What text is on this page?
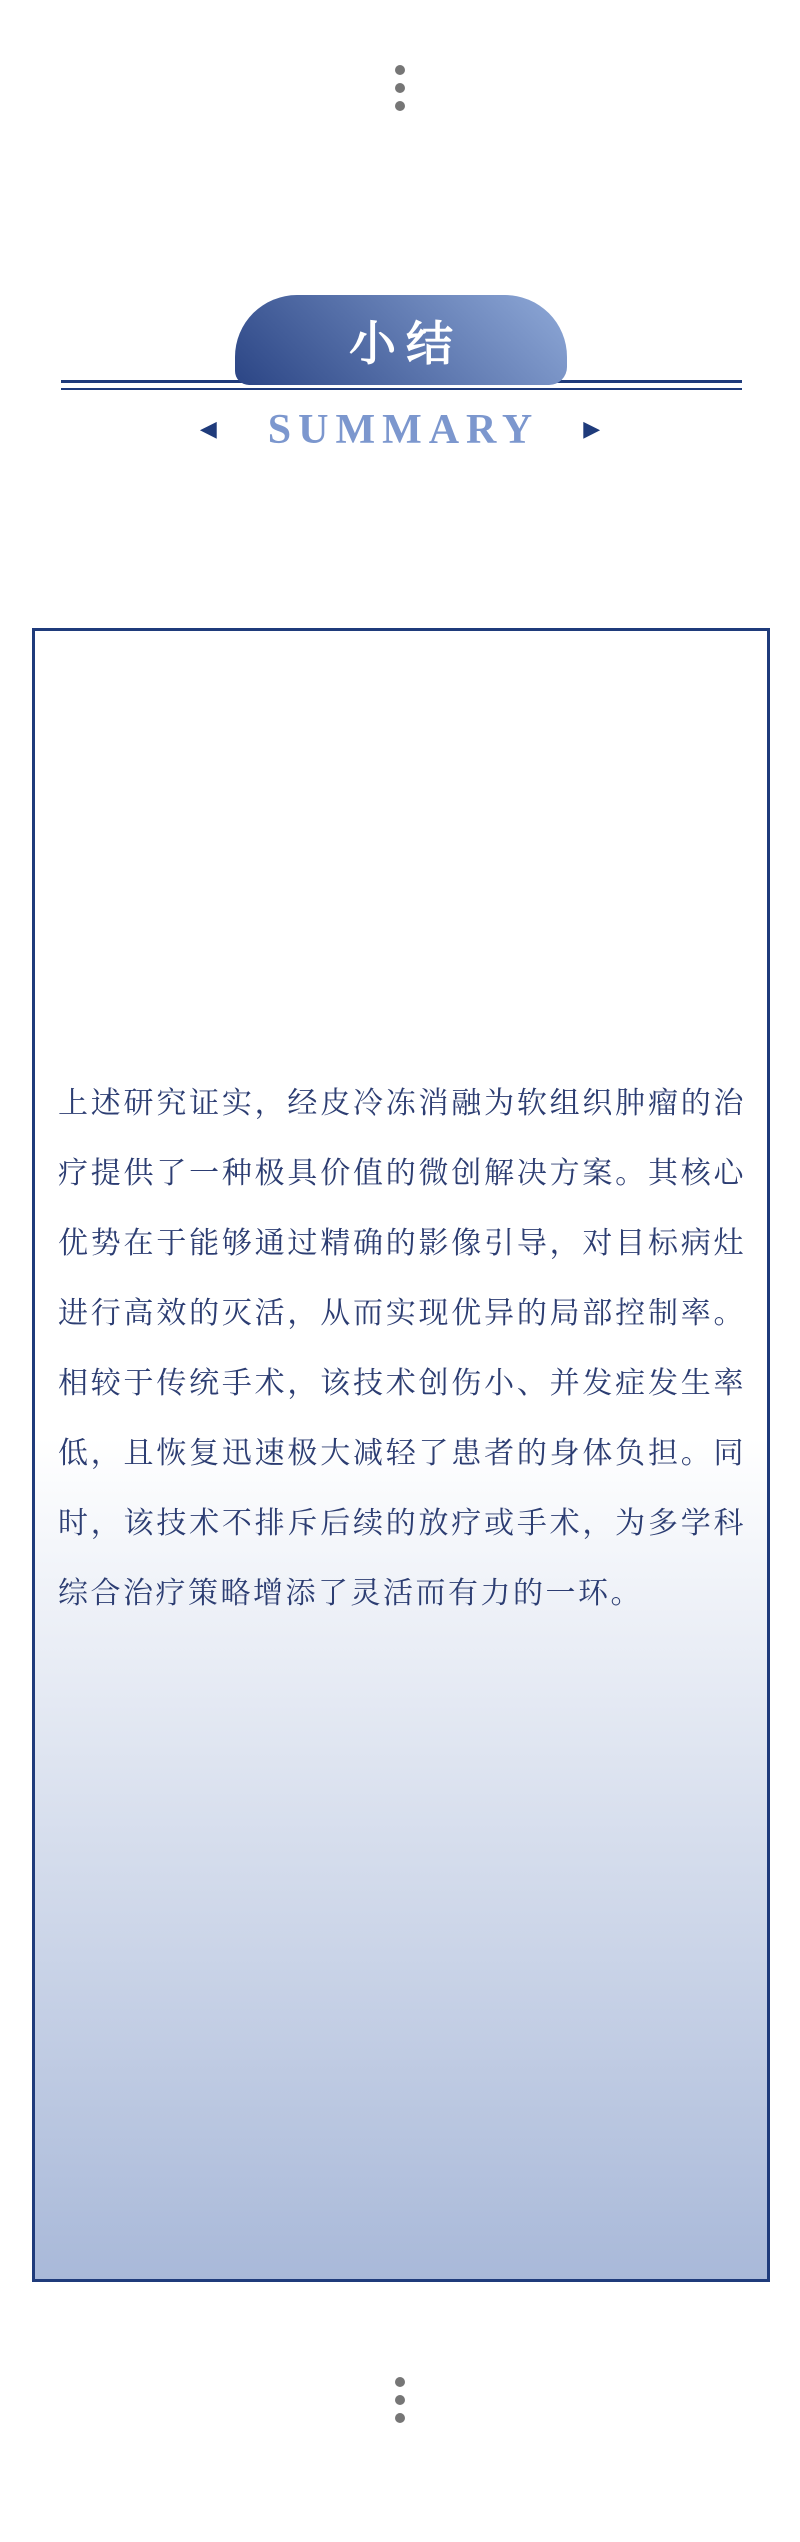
小结
◀ SUMMARY ▶

上述研究证实，经皮冷冻消融为软组织肿瘤的治疗提供了一种极具价值的微创解决方案。其核心优势在于能够通过精确的影像引导，对目标病灶进行高效的灭活，从而实现优异的局部控制率。相较于传统手术，该技术创伤小、并发症发生率低，且恢复迅速极大减轻了患者的身体负担。同时，该技术不排斥后续的放疗或手术，为多学科综合治疗策略增添了灵活而有力的一环。
